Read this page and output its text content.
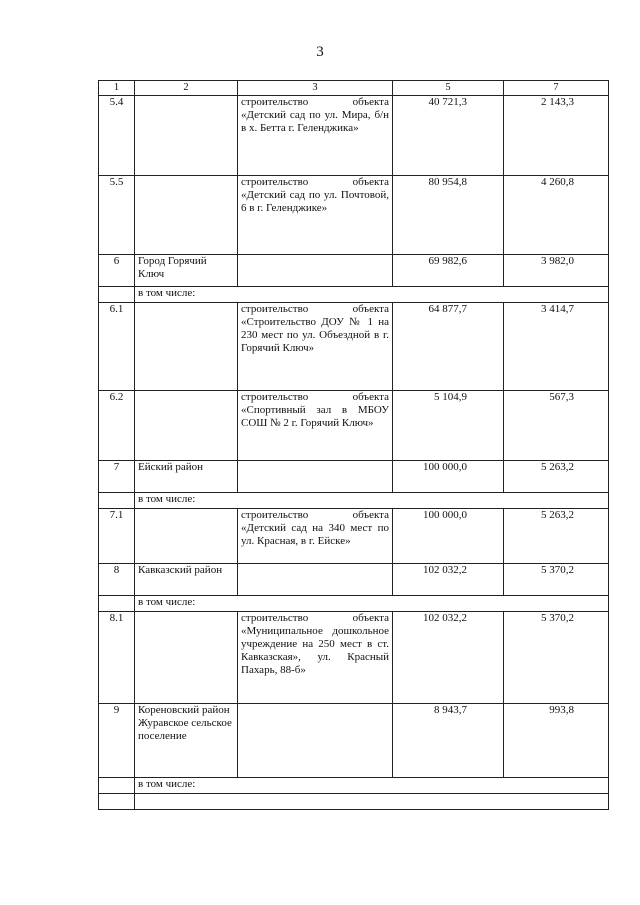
3
1	2	3	5	7
5.4		строительство объекта «Детский сад по ул. Мира, б/н в х. Бетта г. Геленджика»	40 721,3	2 143,3
5.5		строительство объекта «Детский сад по ул. Почтовой, 6 в г. Геленджике»	80 954,8	4 260,8
6	Город Горячий Ключ		69 982,6	3 982,0
	в том числе:			
6.1		строительство объекта «Строительство ДОУ № 1 на 230 мест по ул. Объездной в г. Горячий Ключ»	64 877,7	3 414,7
6.2		строительство объекта «Спортивный зал в МБОУ СОШ № 2 г. Горячий Ключ»	5 104,9	567,3
7	Ейский район		100 000,0	5 263,2
	в том числе:			
7.1		строительство объекта «Детский сад на 340 мест по ул. Красная, в г. Ейске»	100 000,0	5 263,2
8	Кавказский район		102 032,2	5 370,2
	в том числе:			
8.1		строительство объекта «Муниципальное дошкольное учреждение на 250 мест в ст. Кавказская», ул. Красный Пахарь, 88-б»	102 032,2	5 370,2
9	Кореновский район Журавское сельское поселение		8 943,7	993,8
	в том числе:			
